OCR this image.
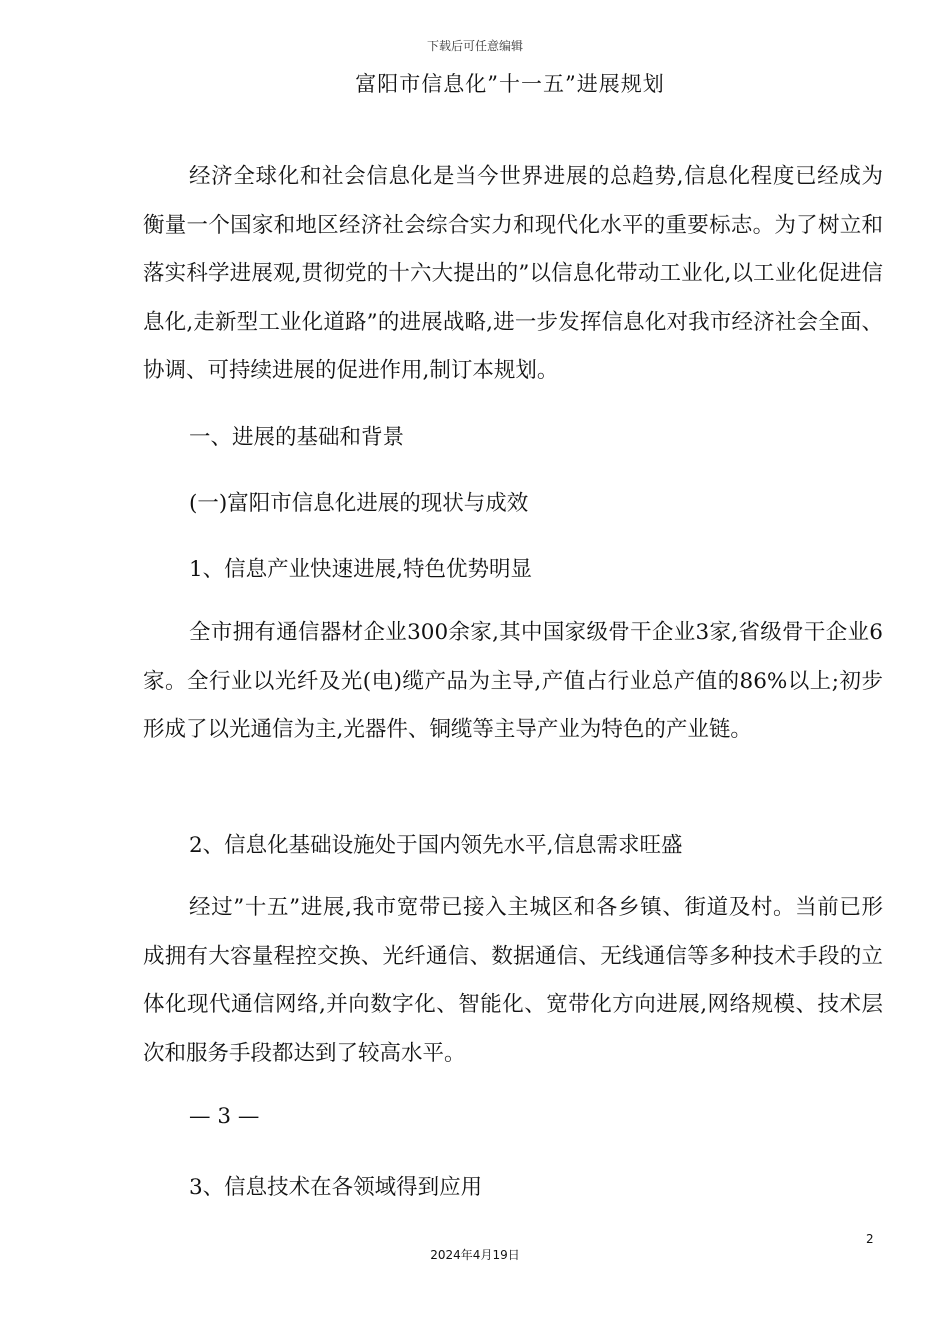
下载后可任意编辑
富阳市信息化”十一五”进展规划

经济全球化和社会信息化是当今世界进展的总趋势,信息化程度已经成为衡量一个国家和地区经济社会综合实力和现代化水平的重要标志。为了树立和落实科学进展观,贯彻党的十六大提出的”以信息化带动工业化,以工业化促进信息化,走新型工业化道路”的进展战略,进一步发挥信息化对我市经济社会全面、协调、可持续进展的促进作用,制订本规划。

一、进展的基础和背景
(一)富阳市信息化进展的现状与成效
1、信息产业快速进展,特色优势明显

全市拥有通信器材企业300余家,其中国家级骨干企业3家,省级骨干企业6家。全行业以光纤及光(电)缆产品为主导,产值占行业总产值的86%以上;初步形成了以光通信为主,光器件、铜缆等主导产业为特色的产业链。

2、信息化基础设施处于国内领先水平,信息需求旺盛

经过”十五”进展,我市宽带已接入主城区和各乡镇、街道及村。当前已形成拥有大容量程控交换、光纤通信、数据通信、无线通信等多种技术手段的立体化现代通信网络,并向数字化、智能化、宽带化方向进展,网络规模、技术层次和服务手段都达到了较高水平。

— 3 —
3、信息技术在各领域得到应用
2
2024年4月19日
